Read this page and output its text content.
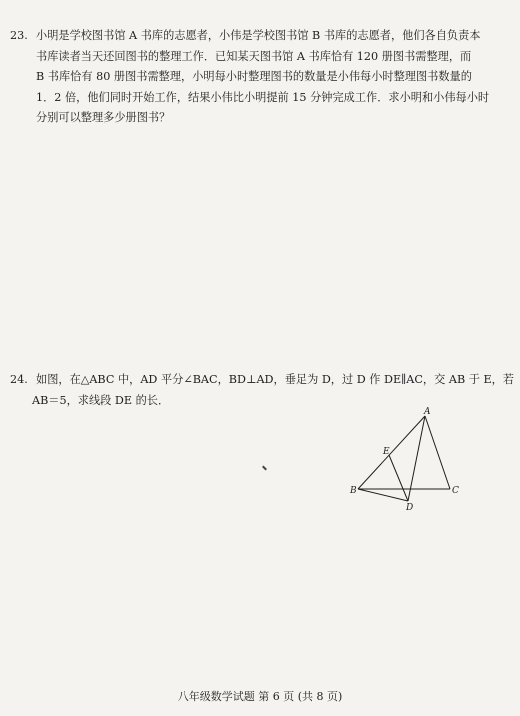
23. 小明是学校图书馆 A 书库的志愿者，小伟是学校图书馆 B 书库的志愿者，他们各自负责本
书库读者当天还回图书的整理工作．已知某天图书馆 A 书库恰有 120 册图书需整理，而
B 书库恰有 80 册图书需整理，小明每小时整理图书的数量是小伟每小时整理图书数量的
1．2 倍，他们同时开始工作，结果小伟比小明提前 15 分钟完成工作．求小明和小伟每小时
分别可以整理多少册图书？
24. 如图，在△ABC 中，AD 平分∠BAC，BD⊥AD，垂足为 D，过 D 作 DE∥AC，交 AB 于 E，若
AB＝5，求线段 DE 的长．
A
B	C
D
E
八年级数学试题 第 6 页 (共 8 页)
